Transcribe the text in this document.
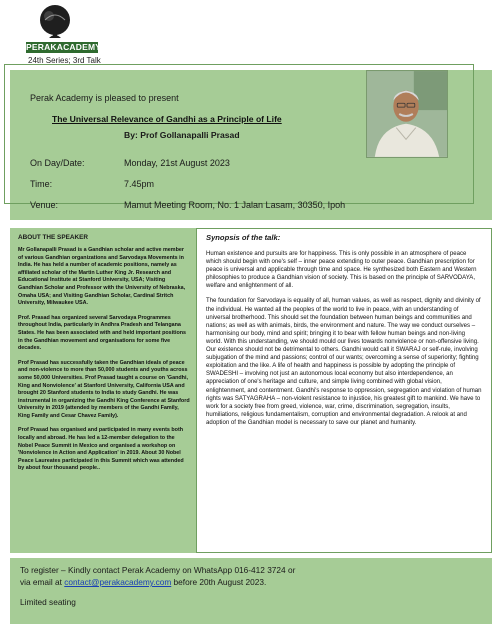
PERAKACADEMY
24th Series; 3rd Talk
Perak Academy is pleased to present
The Universal Relevance of Gandhi as a Principle of Life
By: Prof Gollanapalli Prasad
On Day/Date:	Monday, 21st August 2023
Time:	7.45pm
Venue:	Mamut Meeting Room, No. 1 Jalan Lasam, 30350, Ipoh
ABOUT THE SPEAKER

Mr Gollanapalli Prasad is a Gandhian scholar and active member of various Gandhian organizations and Sarvodaya Movements in India. He has held a number of academic positions, namely as affiliated scholar of the Martin Luther King Jr. Research and Educational Institute at Stanford University, USA; Visiting Gandhian Scholar and Professor with the University of Nebraska, Omaha USA; and Visiting Gandhian Scholar, Cardinal Stritch University, Milwaukee USA.

Prof. Prasad has organized several Sarvodaya Programmes throughout India, particularly in Andhra Pradesh and Telangana States. He has been associated with and held important positions in the Gandhian movement and organisations for some five decades.

Prof Prasad has successfully taken the Gandhian ideals of peace and non-violence to more than 50,000 students and youths across some 50,000 Universities. Prof Prasad taught a course on 'Gandhi, King and Nonviolence' at Stanford University, California USA and brought 20 Stanford students to India to study Gandhi. He was instrumental in organizing the Gandhi King Conference at Stanford University in 2019 (attended by members of the Gandhi Family, King Family and Cesar Chavez Family).

Prof Prasad has organised and participated in many events both locally and abroad. He has led a 12-member delegation to the Nobel Peace Summit in Mexico and organised a workshop on 'Nonviolence in Action and Application' in 2019. About 30 Nobel Peace Laureates participated in this Summit which was attended by about four thousand people..

Synopsis of the talk:

Human existence and pursuits are for happiness. This is only possible in an atmosphere of peace which should begin with one's self – inner peace extending to outer peace. Gandhian prescription for peace is universal and applicable through time and space. He synthesized both Eastern and Western philosophies to produce a Gandhian vision of society. This is based on the principle of SARVODAYA, welfare and enlightenment of all.

The foundation for Sarvodaya is equality of all, human values, as well as respect, dignity and divinity of the individual. He wanted all the peoples of the world to live in peace, with an understanding of universal brotherhood. This should set the foundation between human beings and communities and nations; as well as with animals, birds, the environment and nature. The way we conduct ourselves – harmonising our body, mind and spirit; bringing it to bear with fellow human beings and non-living world. With this understanding, we should mould our lives towards nonviolence or non-offensive living. Our existence should not be detrimental to others. Gandhi would call it SWARAJ or self-rule, involving subjugation of the mind and passions; control of our wants; overcoming a sense of superiority; fighting exploitation and the like. A life of health and happiness is possible by adopting the principle of SWADESHI – involving not just an autonomous local economy but also interdependence, an appreciation of one's heritage and culture, and simple living combined with global vision, enlightenment, and contentment. Gandhi's response to oppression, segregation and violation of human rights was SATYAGRAHA – non-violent resistance to injustice, his greatest gift to mankind. We have to work for a society free from greed, violence, war, crime, discrimination, segregation, insults, humiliations, religious fundamentalism, corruption and environmental degradation. A relook at and adoption of the Gandhian model is necessary to save our planet and humanity.

To register – Kindly contact Perak Academy on WhatsApp 016-412 3724 or
via email at contact@perakacademy.com before 20th August 2023.
Limited seating
